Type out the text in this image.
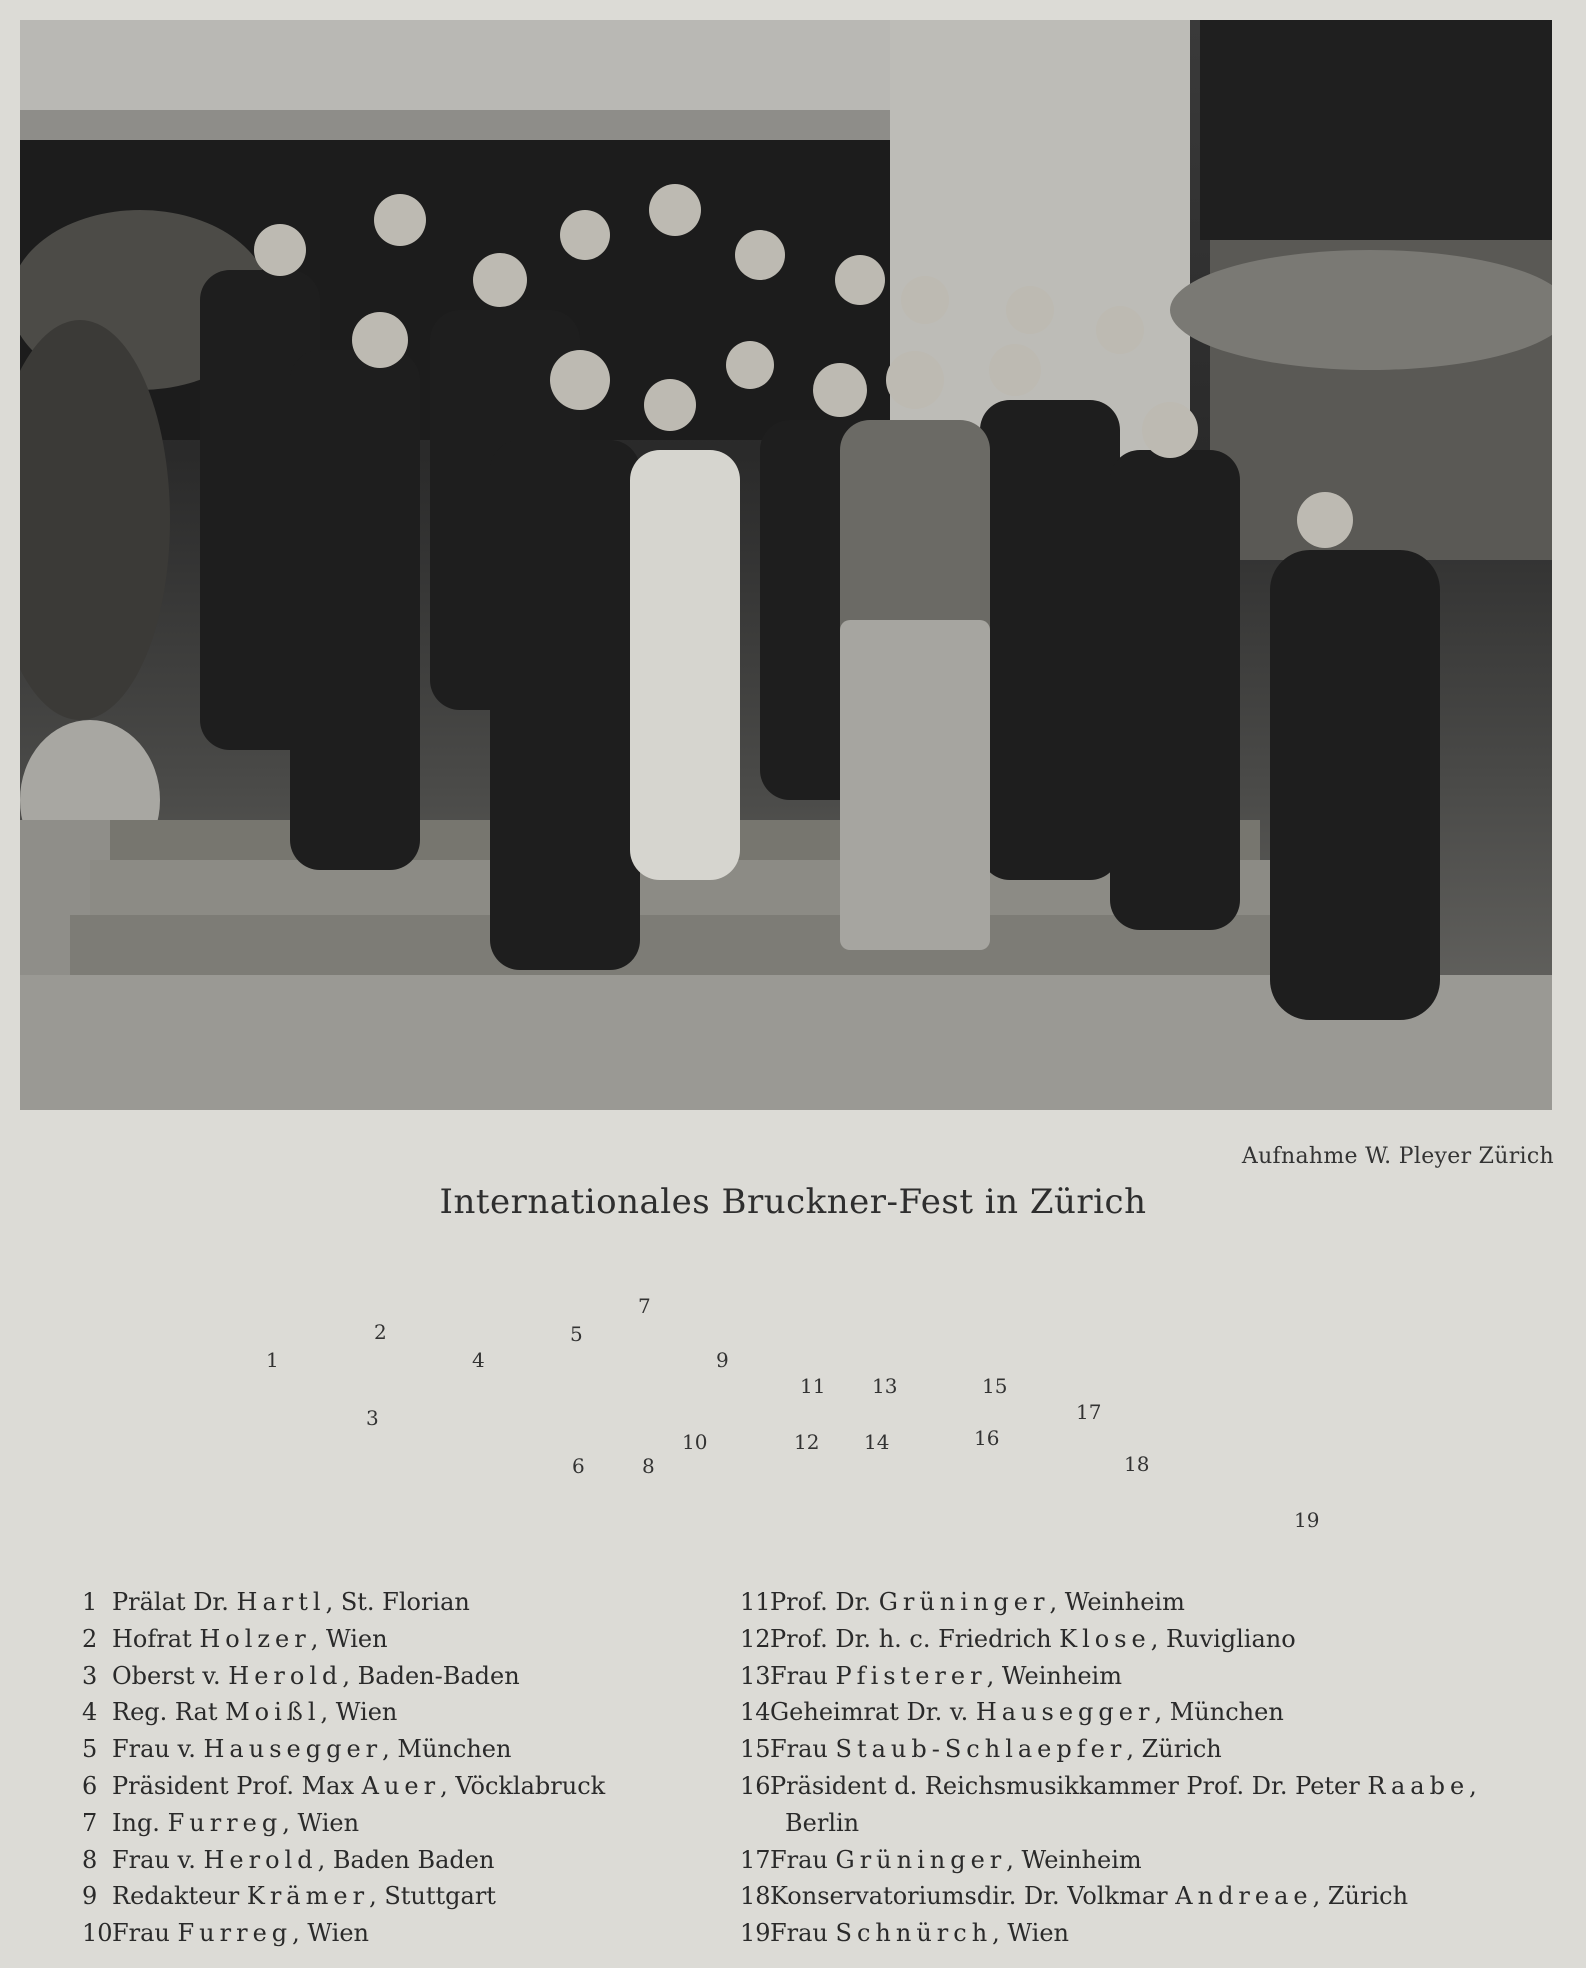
Aufnahme W. Pleyer Zürich
Internationales Bruckner-Fest in Zürich
1
2
3
4
5
6
7
8
9
10
11
12
13
14
15
16
17
18
19
1 Prälat Dr. Hartl, St. Florian
2 Hofrat Holzer, Wien
3 Oberst v. Herold, Baden-Baden
4 Reg. Rat Moißl, Wien
5 Frau v. Hausegger, München
6 Präsident Prof. Max Auer, Vöcklabruck
7 Ing. Furreg, Wien
8 Frau v. Herold, Baden Baden
9 Redakteur Krämer, Stuttgart
10Frau Furreg, Wien
11Prof. Dr. Grüninger, Weinheim
12Prof. Dr. h. c. Friedrich Klose, Ruvigliano
13Frau Pfisterer, Weinheim
14Geheimrat Dr. v. Hausegger, München
15Frau Staub-Schlaepfer, Zürich
16Präsident d. Reichsmusikkammer Prof. Dr. Peter Raabe,
Berlin
17Frau Grüninger, Weinheim
18Konservatoriumsdir. Dr. Volkmar Andreae, Zürich
19Frau Schnürch, Wien
